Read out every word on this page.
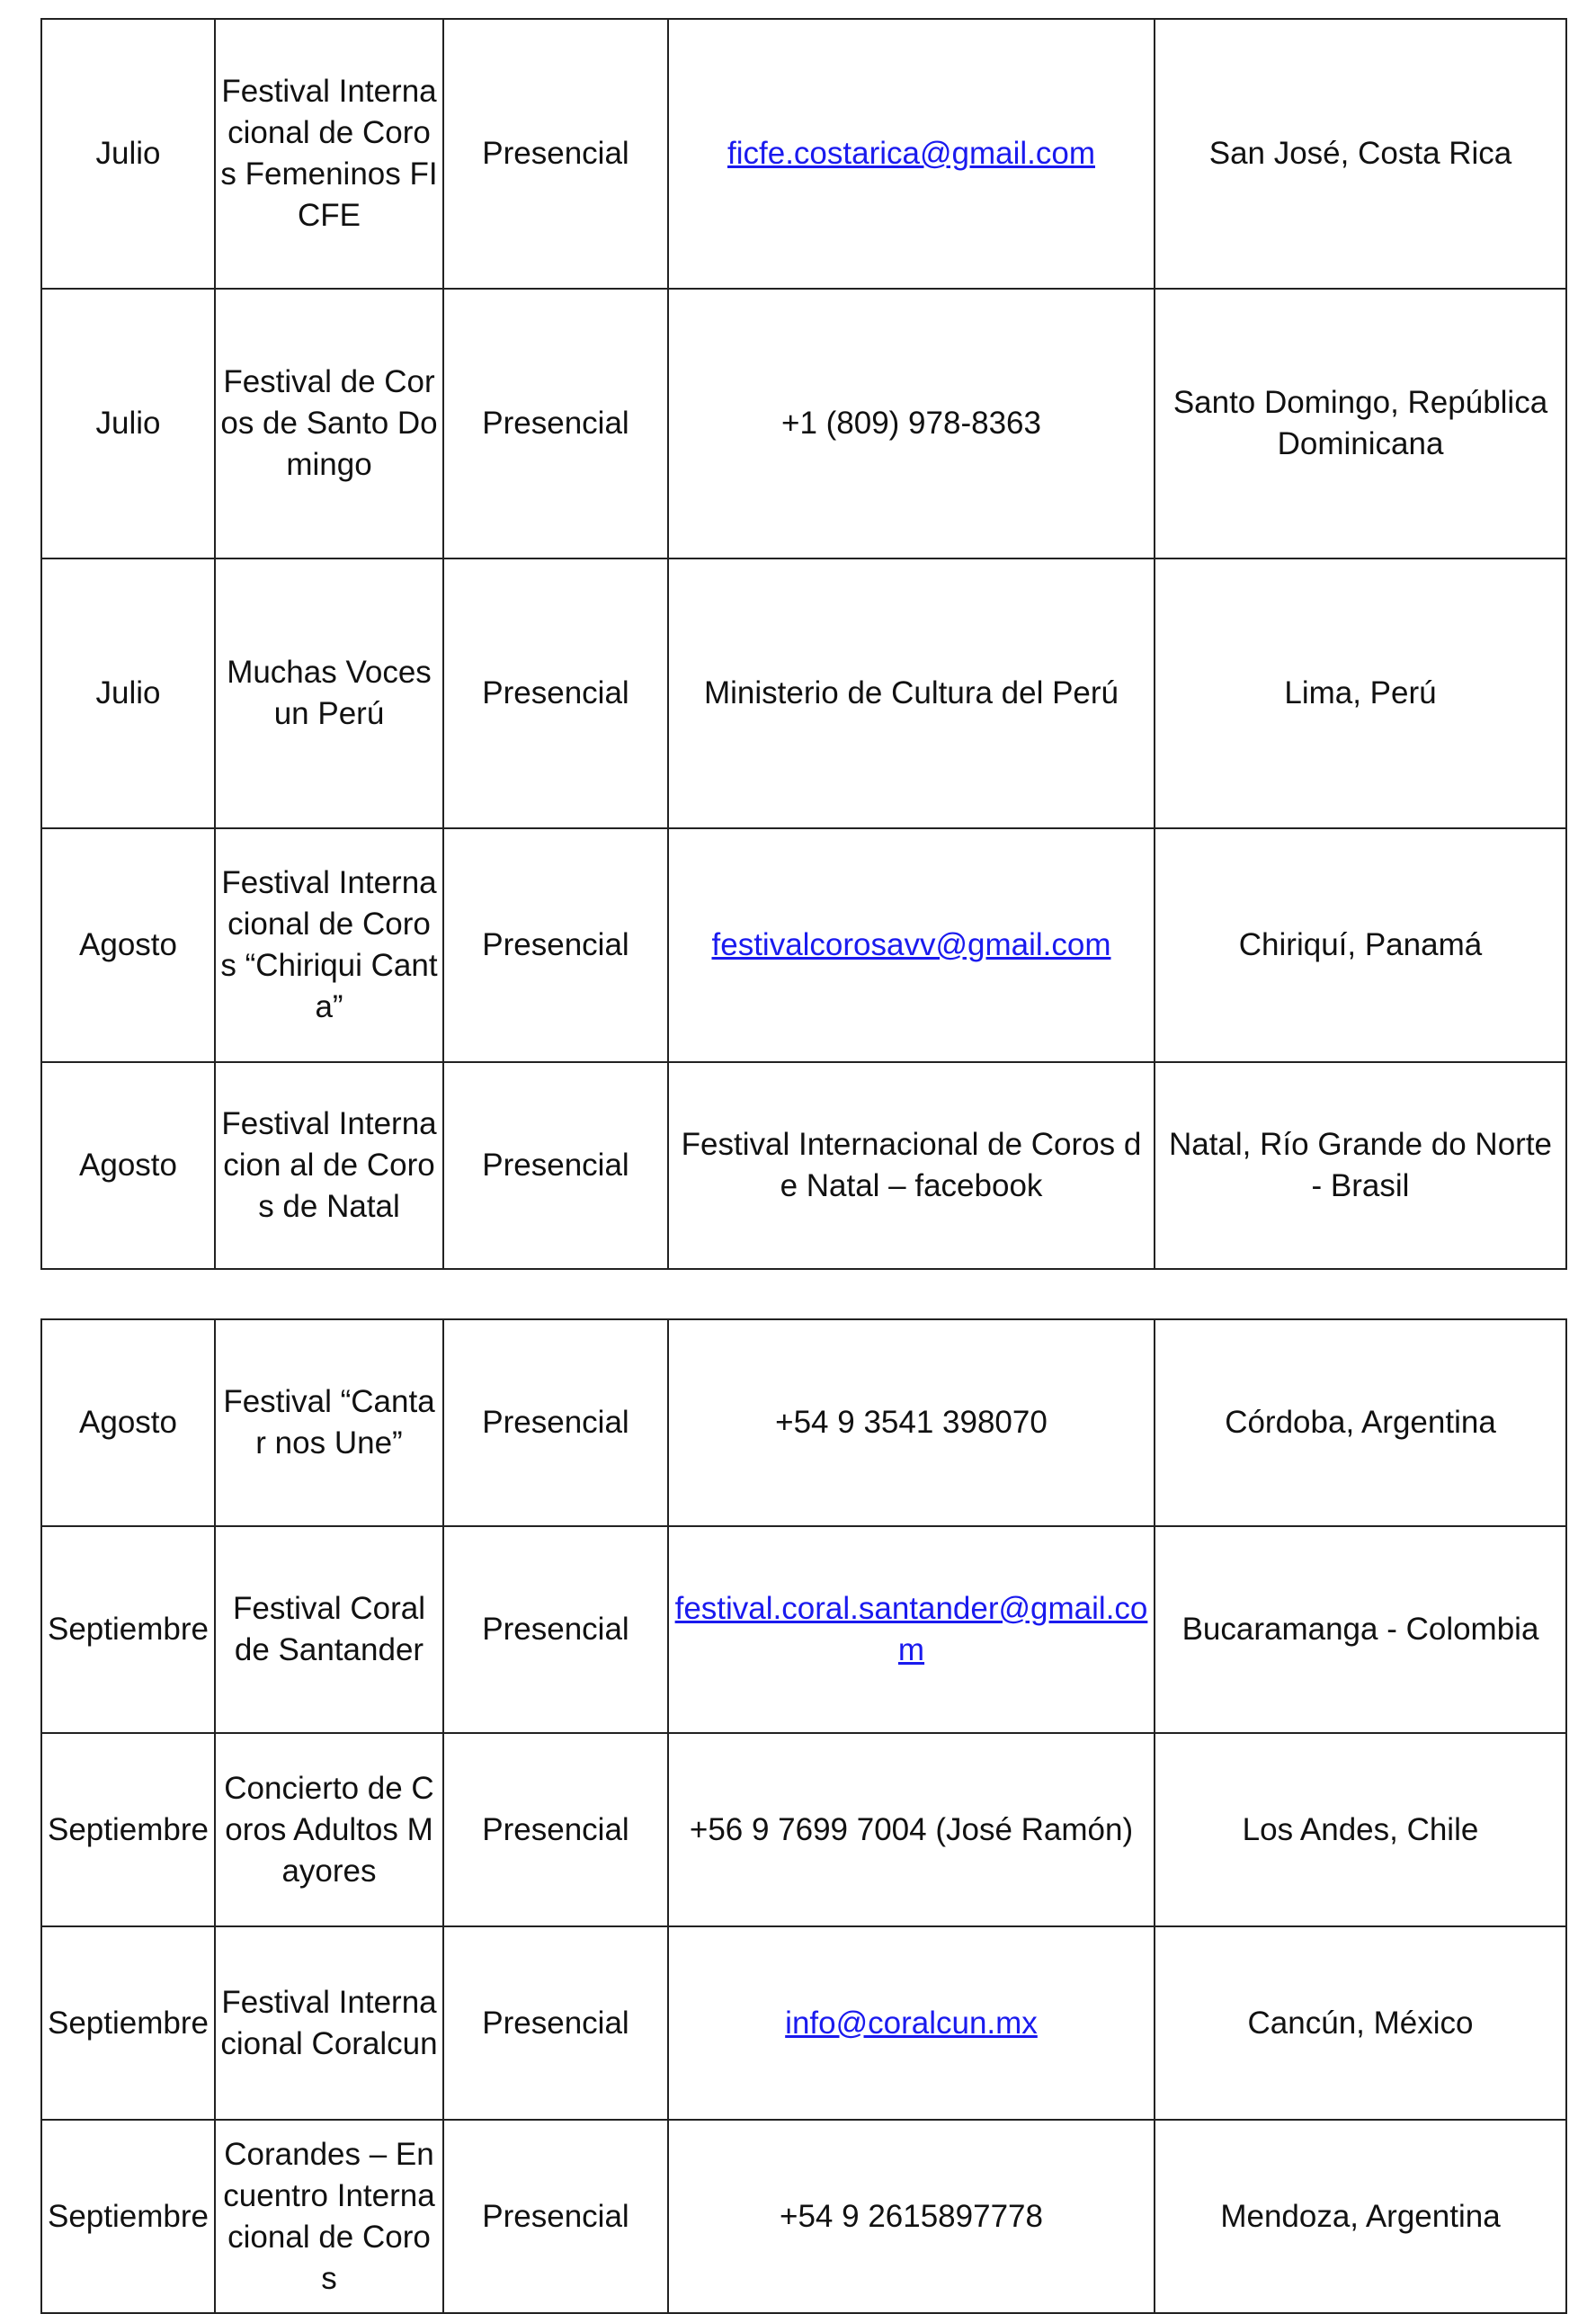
Julio	Festival Internacional de Coros Femeninos FICFE	Presencial	ficfe.costarica@gmail.com	San José, Costa Rica
Julio	Festival de Coros de Santo Domingo	Presencial	+1 (809) 978-8363	Santo Domingo, República Dominicana
Julio	Muchas Voces un Perú	Presencial	Ministerio de Cultura del Perú	Lima, Perú
Agosto	Festival Internacional de Coros “Chiriqui Canta”	Presencial	festivalcorosavv@gmail.com	Chiriquí, Panamá
Agosto	Festival Internacion al de Coros de Natal	Presencial	Festival Internacional de Coros de Natal – facebook	Natal, Río Grande do Norte - Brasil
Agosto	Festival “Cantar nos Une”	Presencial	+54 9 3541 398070	Córdoba, Argentina
Septiembre	Festival Coral de Santander	Presencial	festival.coral.santander@gmail.com	Bucaramanga - Colombia
Septiembre	Concierto de Coros Adultos Mayores	Presencial	+56 9 7699 7004 (José Ramón)	Los Andes, Chile
Septiembre	Festival Internacional Coralcun	Presencial	info@coralcun.mx	Cancún, México
Septiembre	Corandes – Encuentro Internacional de Coros	Presencial	+54 9 2615897778	Mendoza, Argentina
